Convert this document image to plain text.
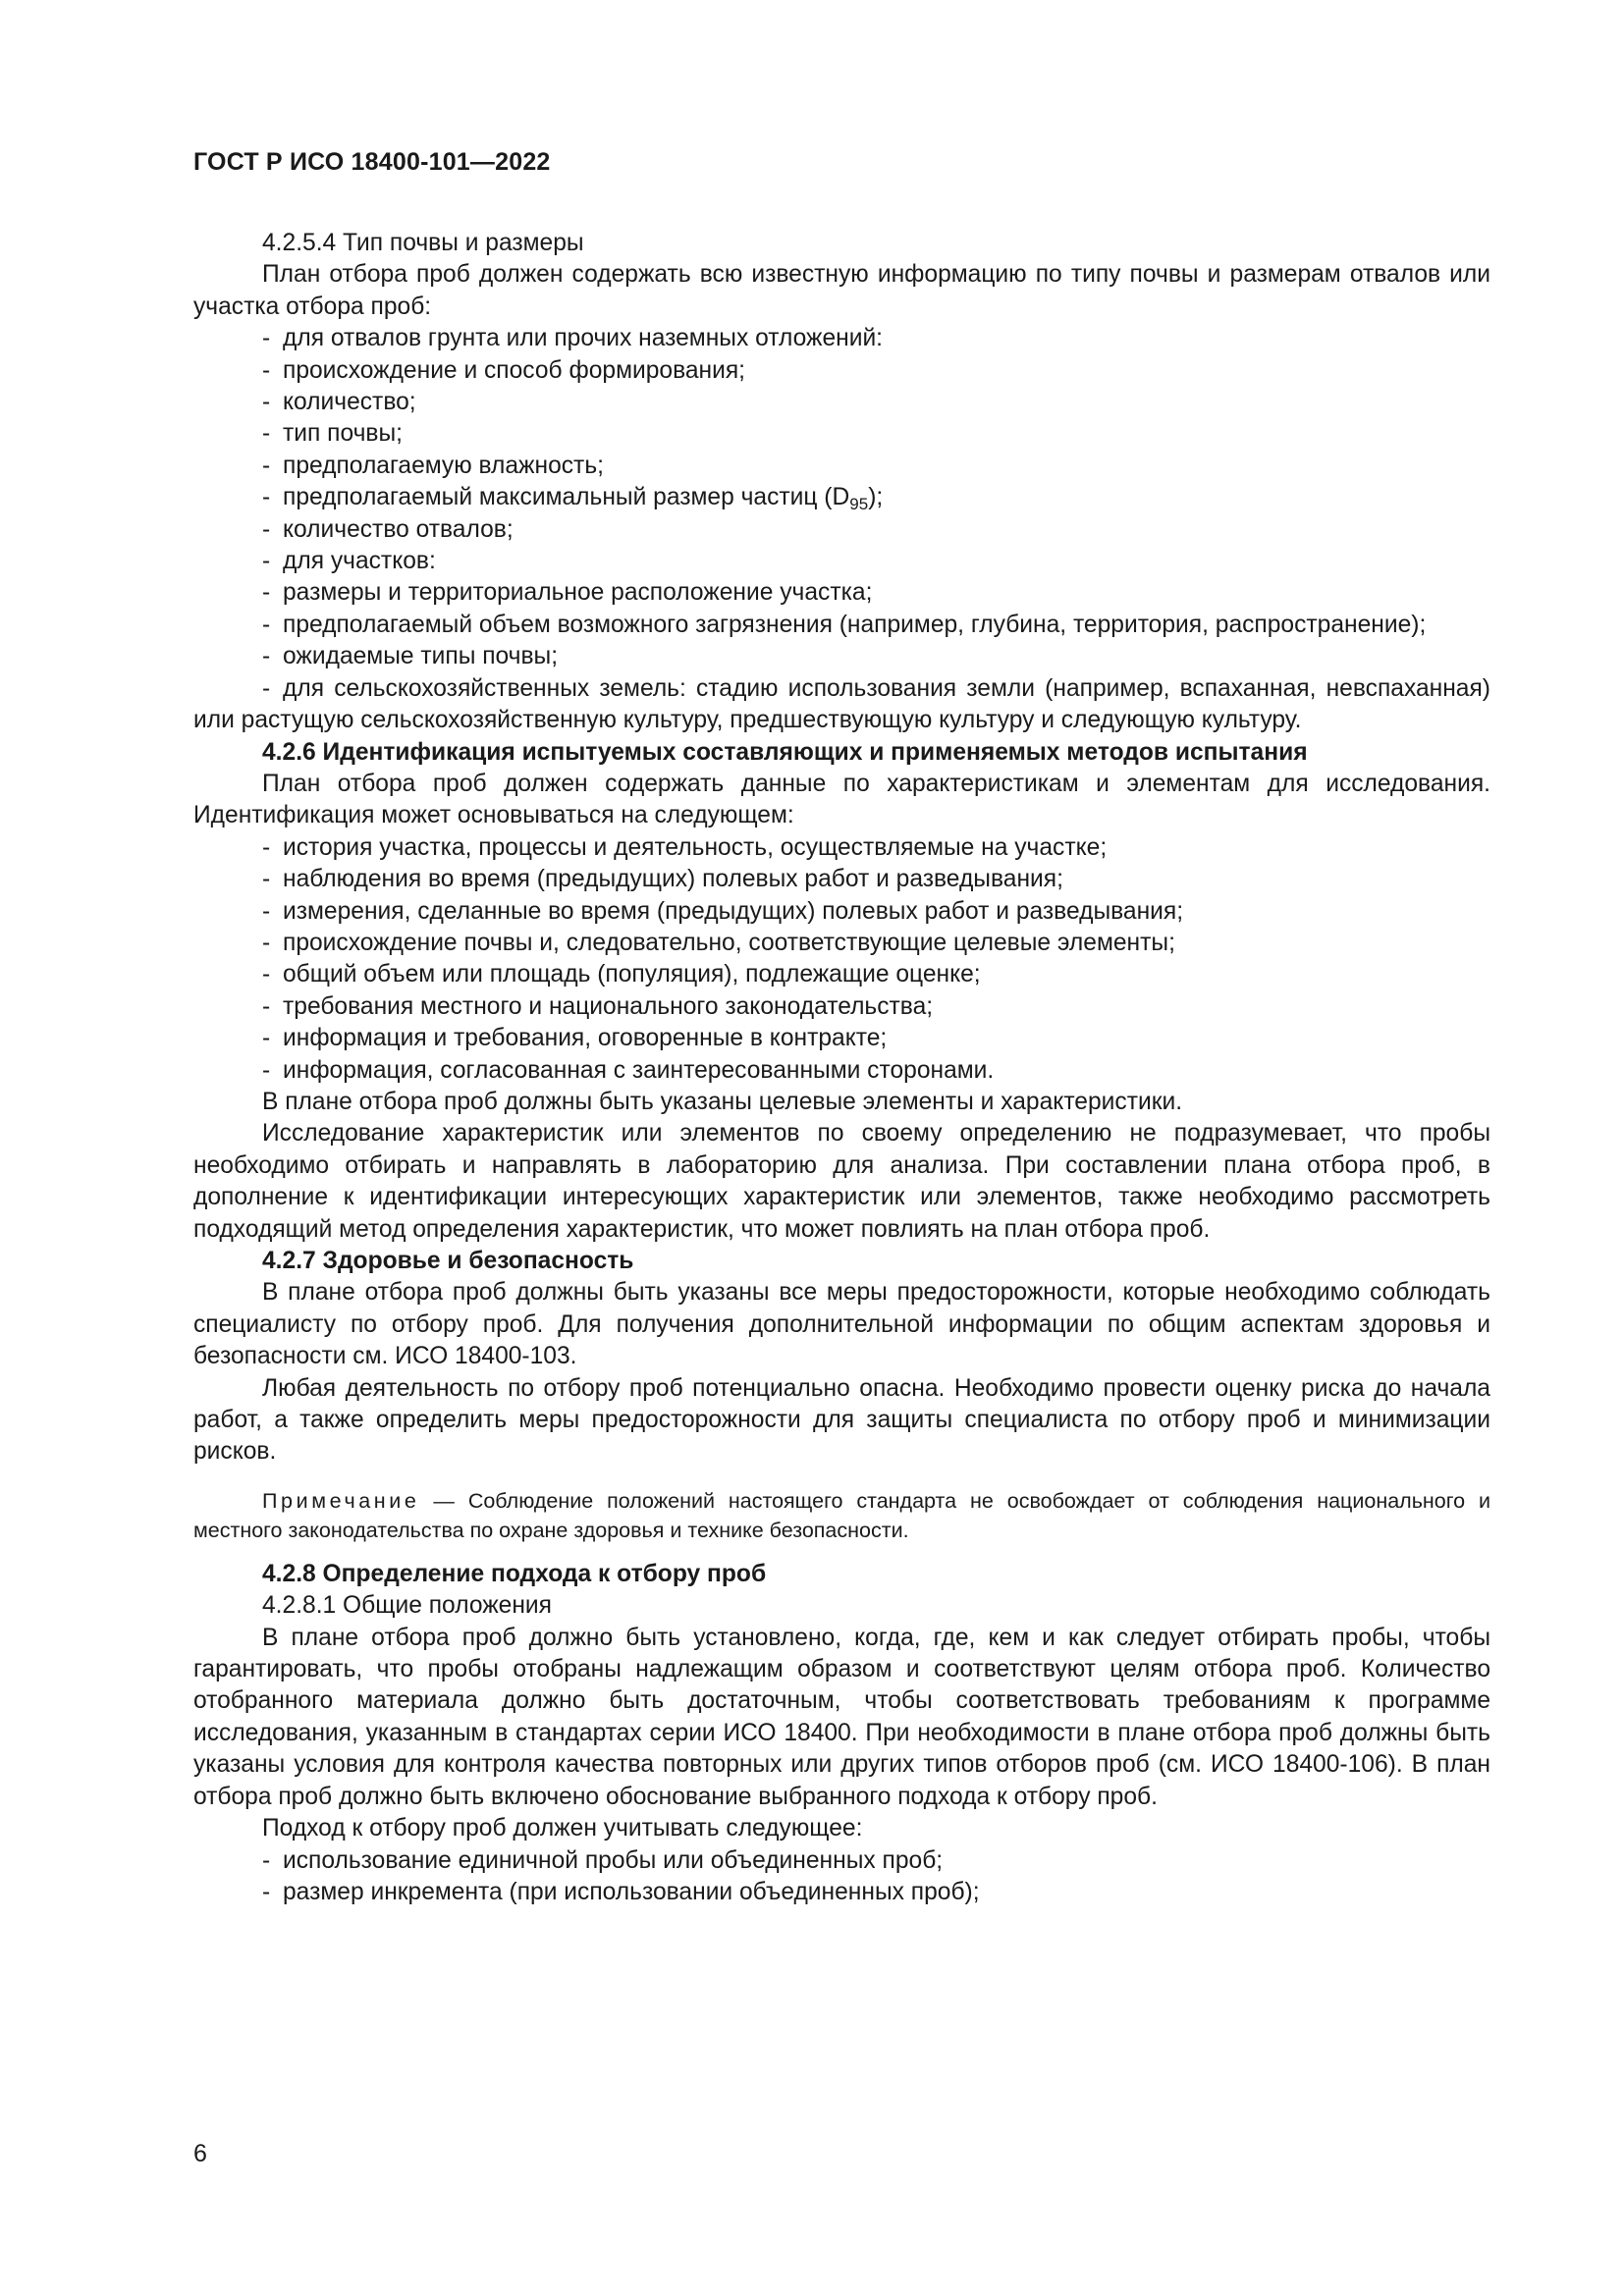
ГОСТ Р ИСО 18400-101—2022

4.2.5.4 Тип почвы и размеры

План отбора проб должен содержать всю известную информацию по типу почвы и размерам отвалов или участка отбора проб:

- для отвалов грунта или прочих наземных отложений:

- происхождение и способ формирования;

- количество;

- тип почвы;

- предполагаемую влажность;

- предполагаемый максимальный размер частиц $(D_{95})$;

- количество отвалов;

- для участков:

- размеры и территориальное расположение участка;

- предполагаемый объем возможного загрязнения (например, глубина, территория, распространение);

- ожидаемые типы почвы;

- для сельскохозяйственных земель: стадию использования земли (например, вспаханная, невспаханная) или растущую сельскохозяйственную культуру, предшествующую культуру и следующую культуру.

4.2.6 Идентификация испытуемых составляющих и применяемых методов испытания

План отбора проб должен содержать данные по характеристикам и элементам для исследования. Идентификация может основываться на следующем:

- история участка, процессы и деятельность, осуществляемые на участке;

- наблюдения во время (предыдущих) полевых работ и разведывания;

- измерения, сделанные во время (предыдущих) полевых работ и разведывания;

- происхождение почвы и, следовательно, соответствующие целевые элементы;

- общий объем или площадь (популяция), подлежащие оценке;

- требования местного и национального законодательства;

- информация и требования, оговоренные в контракте;

- информация, согласованная с заинтересованными сторонами.

В плане отбора проб должны быть указаны целевые элементы и характеристики.

Исследование характеристик или элементов по своему определению не подразумевает, что пробы необходимо отбирать и направлять в лабораторию для анализа. При составлении плана отбора проб, в дополнение к идентификации интересующих характеристик или элементов, также необходимо рассмотреть подходящий метод определения характеристик, что может повлиять на план отбора проб.

4.2.7 Здоровье и безопасность

В плане отбора проб должны быть указаны все меры предосторожности, которые необходимо соблюдать специалисту по отбору проб. Для получения дополнительной информации по общим аспектам здоровья и безопасности см. ИСО 18400-103.

Любая деятельность по отбору проб потенциально опасна. Необходимо провести оценку риска до начала работ, а также определить меры предосторожности для защиты специалиста по отбору проб и минимизации рисков.

Примечание — Соблюдение положений настоящего стандарта не освобождает от соблюдения национального и местного законодательства по охране здоровья и технике безопасности.

4.2.8 Определение подхода к отбору проб

4.2.8.1 Общие положения

В плане отбора проб должно быть установлено, когда, где, кем и как следует отбирать пробы, чтобы гарантировать, что пробы отобраны надлежащим образом и соответствуют целям отбора проб. Количество отобранного материала должно быть достаточным, чтобы соответствовать требованиям к программе исследования, указанным в стандартах серии ИСО 18400. При необходимости в плане отбора проб должны быть указаны условия для контроля качества повторных или других типов отборов проб (см. ИСО 18400-106). В план отбора проб должно быть включено обоснование выбранного подхода к отбору проб.

Подход к отбору проб должен учитывать следующее:

- использование единичной пробы или объединенных проб;

- размер инкремента (при использовании объединенных проб);

6
